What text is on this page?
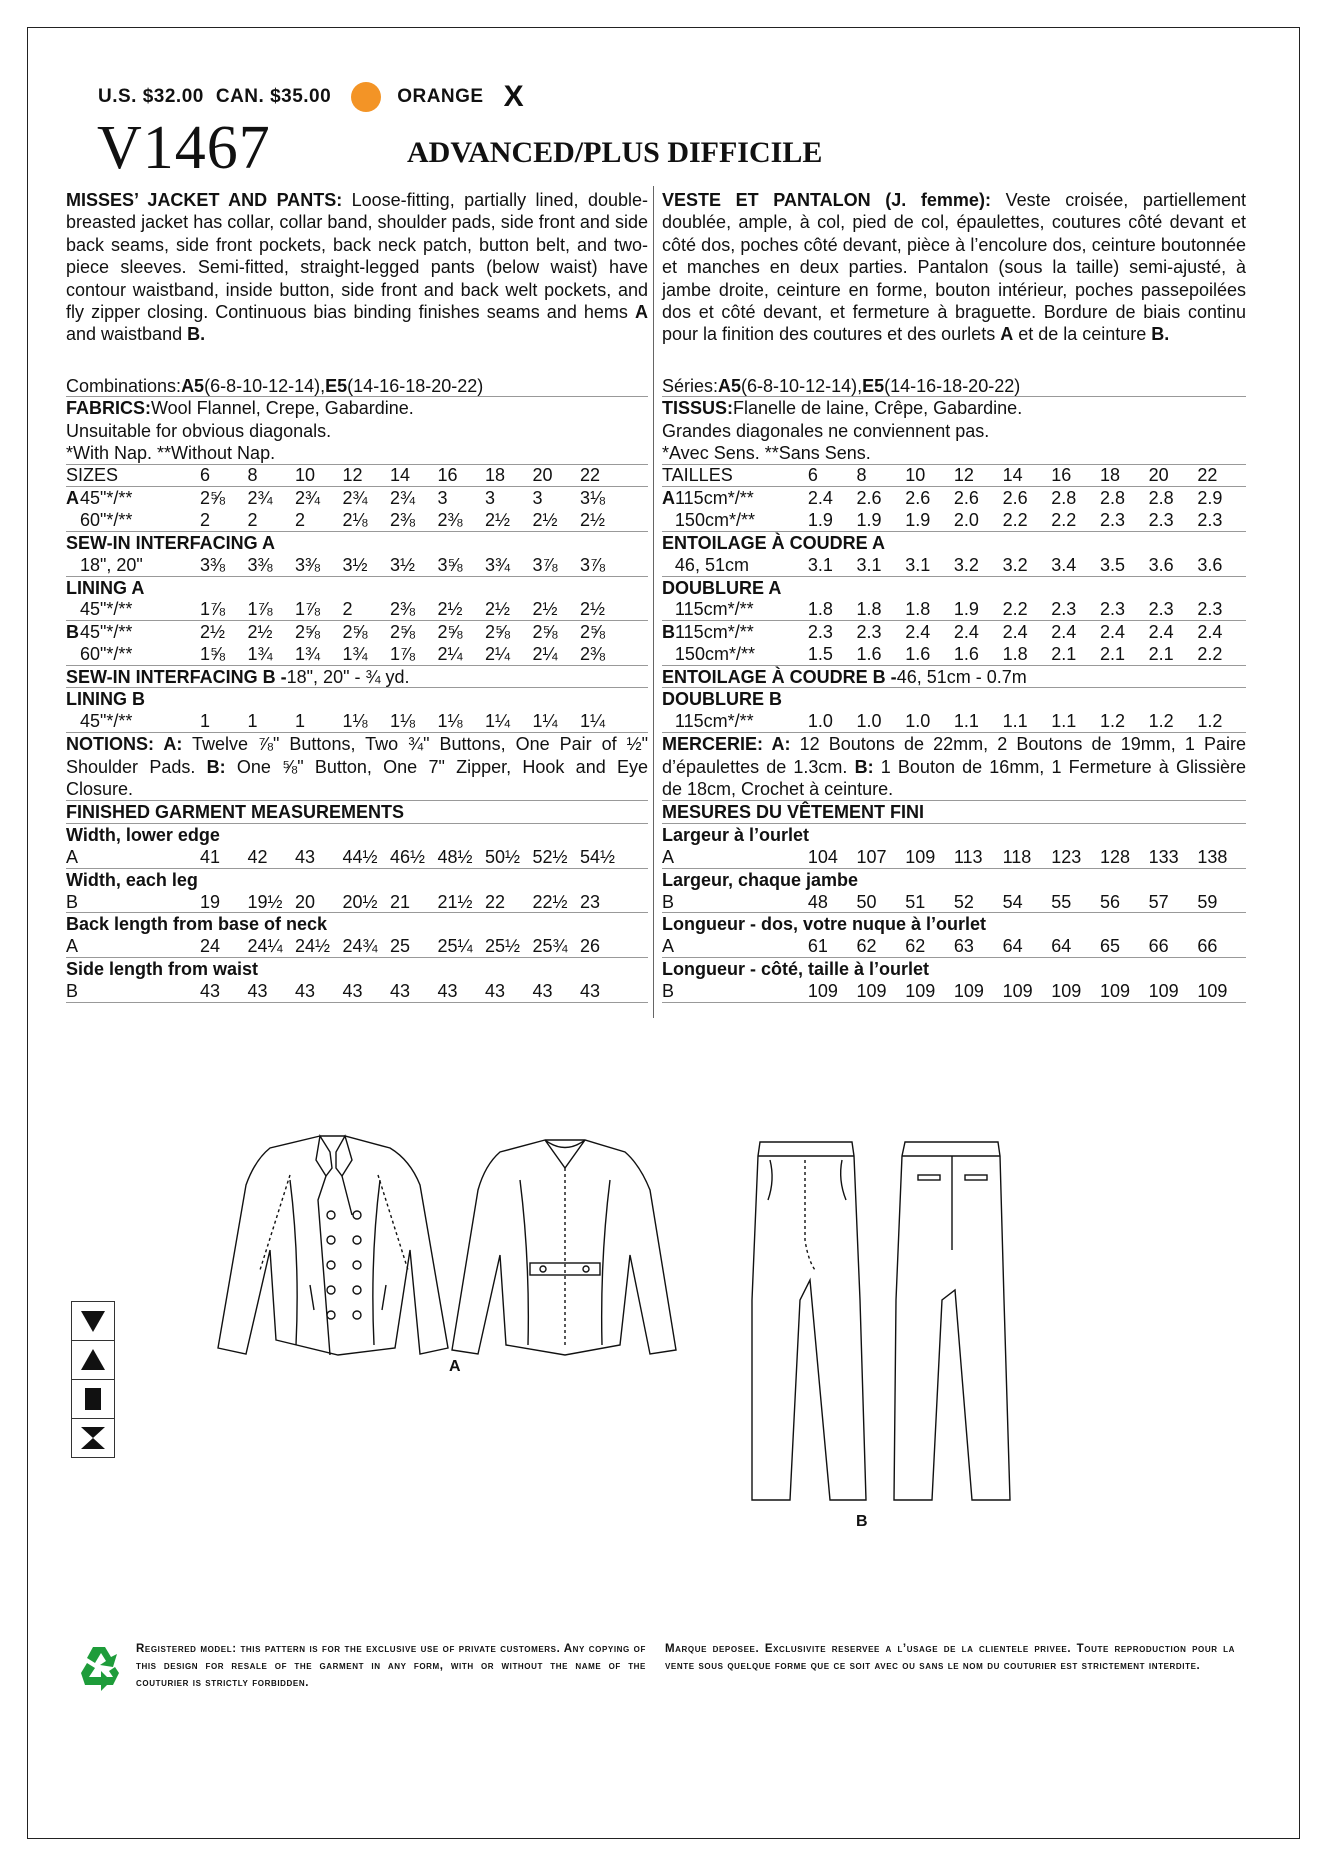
U.S. $32.00 CAN. $35.00	ORANGE X
V1467	ADVANCED/PLUS DIFFICILE
MISSES’ JACKET AND PANTS: Loose-fitting, partially lined, double-breasted jacket has collar, collar band, shoulder pads, side front and side back seams, side front pockets, back neck patch, button belt, and two-piece sleeves. Semi-fitted, straight-legged pants (below waist) have contour waistband, inside button, side front and back welt pockets, and fly zipper closing. Continuous bias binding finishes seams and hems A and waistband B.
Combinations: A5 (6-8-10-12-14), E5 (14-16-18-20-22)
FABRICS: Wool Flannel, Crepe, Gabardine.
Unsuitable for obvious diagonals.
*With Nap. **Without Nap.
SIZES	6	8	10	12	14	16	18	20	22
A 45"*/**	2⅝	2¾	2¾	2¾	2¾	3	3	3	3⅛
60"*/**	2	2	2	2⅛	2⅜	2⅜	2½	2½	2½
SEW-IN INTERFACING A
18", 20"	3⅜	3⅜	3⅜	3½	3½	3⅝	3¾	3⅞	3⅞
LINING A
45"*/**	1⅞	1⅞	1⅞	2	2⅜	2½	2½	2½	2½
B 45"*/**	2½	2½	2⅝	2⅝	2⅝	2⅝	2⅝	2⅝	2⅝
60"*/**	1⅝	1¾	1¾	1¾	1⅞	2¼	2¼	2¼	2⅜
SEW-IN INTERFACING B - 18", 20" - ¾ yd.
LINING B
45"*/**	1	1	1	1⅛	1⅛	1⅛	1¼	1¼	1¼
NOTIONS: A: Twelve ⅞" Buttons, Two ¾" Buttons, One Pair of ½" Shoulder Pads. B: One ⅝" Button, One 7" Zipper, Hook and Eye Closure.
FINISHED GARMENT MEASUREMENTS
Width, lower edge
A	41	42	43	44½ 46½ 48½ 50½ 52½ 54½
Width, each leg
B	19	19½ 20	20½ 21	21½ 22	22½ 23
Back length from base of neck
A	24	24¼ 24½ 24¾ 25	25¼ 25½ 25¾ 26
Side length from waist
B	43	43	43	43	43	43	43	43	43
VESTE ET PANTALON (J. femme): Veste croisée, partiellement doublée, ample, à col, pied de col, épaulettes, coutures côté devant et côté dos, poches côté devant, pièce à l’encolure dos, ceinture boutonnée et manches en deux parties. Pantalon (sous la taille) semi-ajusté, à jambe droite, ceinture en forme, bouton intérieur, poches passepoilées dos et côté devant, et fermeture à braguette. Bordure de biais continu pour la finition des coutures et des ourlets A et de la ceinture B.
Séries: A5 (6-8-10-12-14), E5 (14-16-18-20-22)
TISSUS: Flanelle de laine, Crêpe, Gabardine.
Grandes diagonales ne conviennent pas.
*Avec Sens. **Sans Sens.
TAILLES	6	8	10	12	14	16	18	20	22
A 115cm*/**	2.4	2.6	2.6	2.6	2.6	2.8	2.8	2.8	2.9
150cm*/**	1.9	1.9	1.9	2.0	2.2	2.2	2.3	2.3	2.3
ENTOILAGE À COUDRE A
46, 51cm	3.1	3.1	3.1	3.2	3.2	3.4	3.5	3.6	3.6
DOUBLURE A
115cm*/**	1.8	1.8	1.8	1.9	2.2	2.3	2.3	2.3	2.3
B 115cm*/**	2.3	2.3	2.4	2.4	2.4	2.4	2.4	2.4	2.4
150cm*/**	1.5	1.6	1.6	1.6	1.8	2.1	2.1	2.1	2.2
ENTOILAGE À COUDRE B - 46, 51cm - 0.7m
DOUBLURE B
115cm*/**	1.0	1.0	1.0	1.1	1.1	1.1	1.2	1.2	1.2
MERCERIE: A: 12 Boutons de 22mm, 2 Boutons de 19mm, 1 Paire d’épaulettes de 1.3cm. B: 1 Bouton de 16mm, 1 Fermeture à Glissière de 18cm, Crochet à ceinture.
MESURES DU VÊTEMENT FINI
Largeur à l’ourlet
A	104	107	109	113	118	123	128	133	138
Largeur, chaque jambe
B	48	50	51	52	54	55	56	57	59
Longueur - dos, votre nuque à l’ourlet
A	61	62	62	63	64	64	65	66	66
Longueur - côté, taille à l’ourlet
B	109	109	109	109	109	109	109	109	109
A
B
Registered model: this pattern is for the exclusive use of private customers. Any copying of this design for resale of the garment in any form, with or without the name of the couturier is strictly forbidden.
Marque deposee. Exclusivite reservee a l’usage de la clientele privee. Toute reproduction pour la vente sous quelque forme que ce soit avec ou sans le nom du couturier est strictement interdite.
